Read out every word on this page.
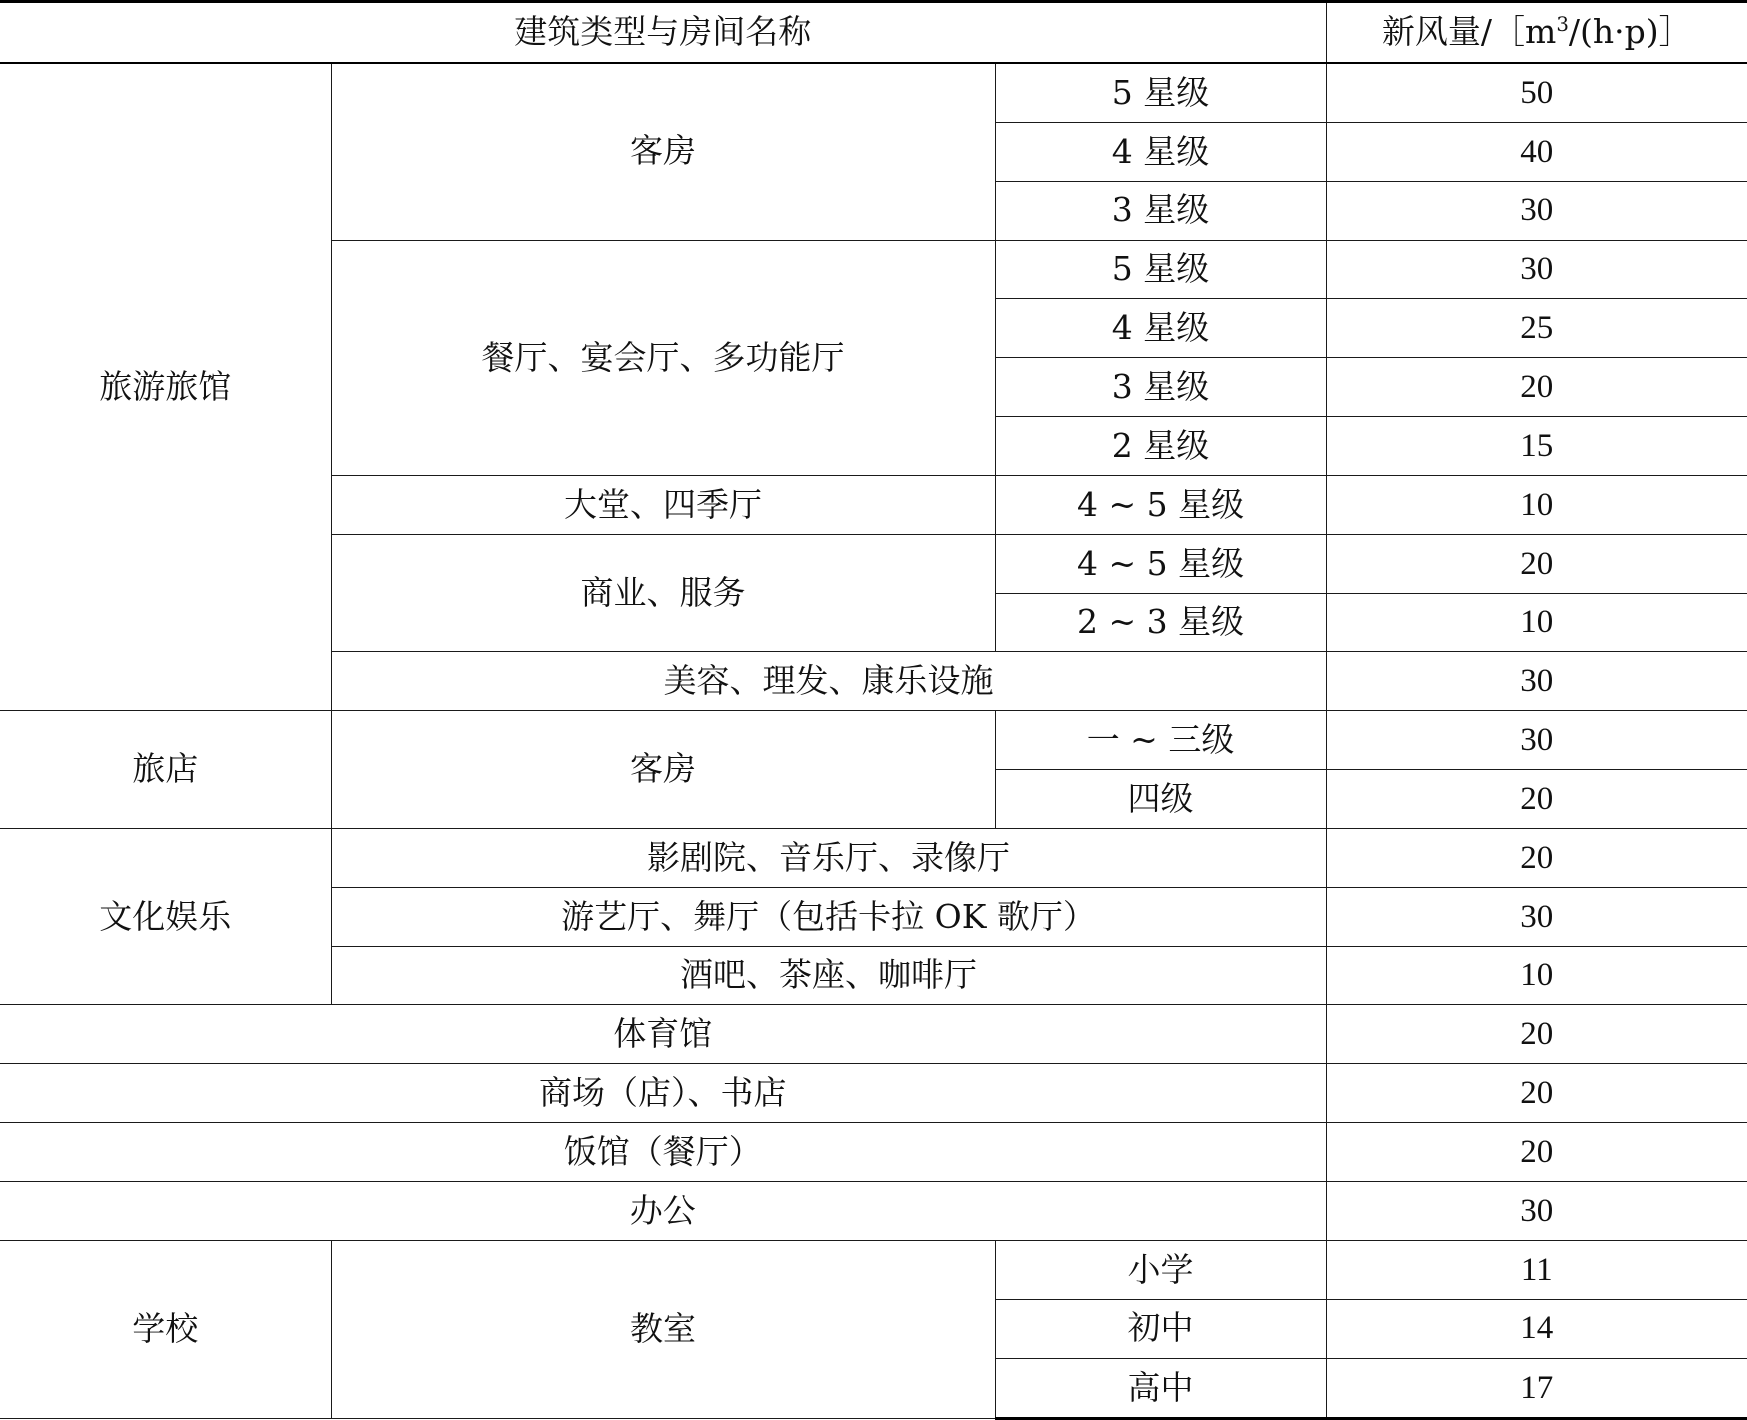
建筑类型与房间名称			新风量$/[m^3/(h\cdot p)]$
旅游旅馆	客房	5 星级	50
		4 星级	40
		3 星级	30
	餐厅、宴会厅、多功能厅	5 星级	30
		4 星级	25
		3 星级	20
		2 星级	15
	大堂、四季厅	4 ~ 5 星级	10
	商业、服务	4 ~ 5 星级	20
		2 ~ 3 星级	10
	美容、理发、康乐设施		30
旅店	客房	一 ~ 三级	30
		四级	20
文化娱乐	影剧院、音乐厅、录像厅		20
	游艺厅、舞厅（包括卡拉 OK 歌厅）		30
	酒吧、茶座、咖啡厅		10
体育馆			20
商场（店）、书店			20
饭馆（餐厅）			20
办公			30
学校	教室	小学	11
		初中	14
		高中	17
